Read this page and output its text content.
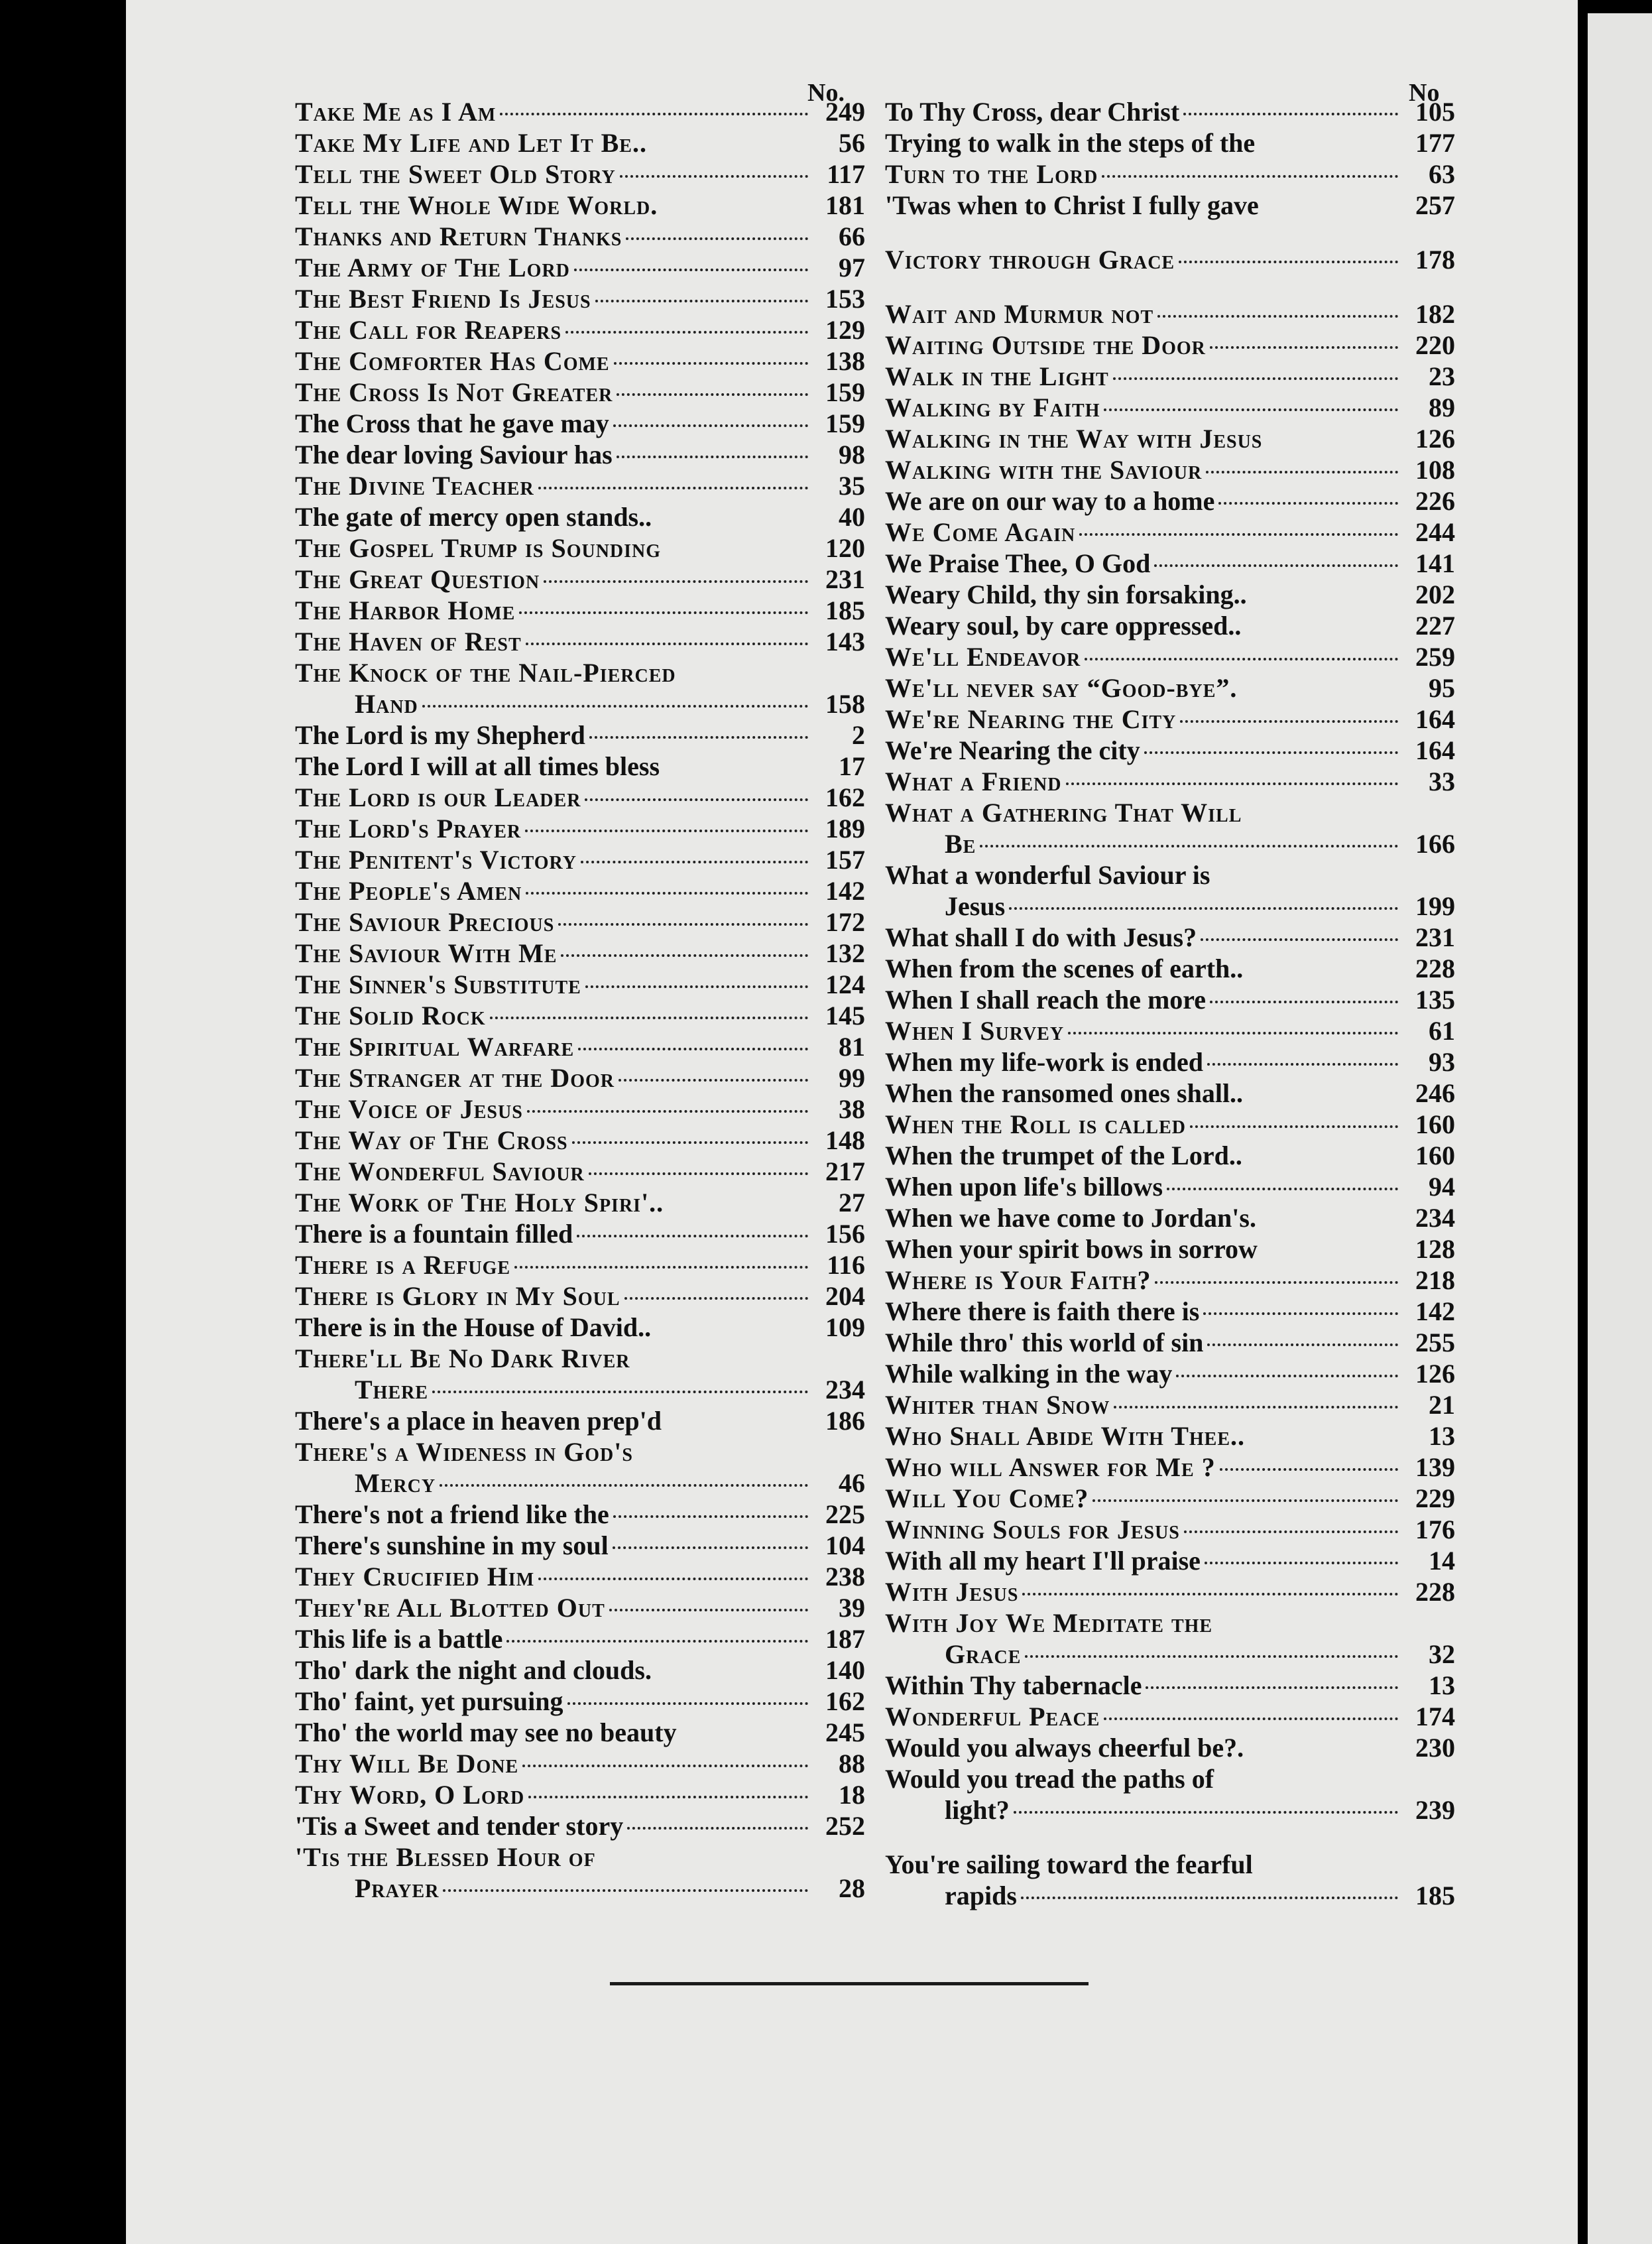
No.	No
Take Me as I Am	249
Take My Life and Let It Be..	56
Tell the Sweet Old Story	117
Tell the Whole Wide World.	181
Thanks and Return Thanks	66
The Army of The Lord	97
The Best Friend Is Jesus	153
The Call for Reapers	129
The Comforter Has Come	138
The Cross Is Not Greater	159
The Cross that he gave may	159
The dear loving Saviour has	98
The Divine Teacher	35
The gate of mercy open stands..	40
The Gospel Trump is Sounding	120
The Great Question	231
The Harbor Home	185
The Haven of Rest	143
The Knock of the Nail-Pierced
Hand	158
The Lord is my Shepherd	2
The Lord I will at all times bless	17
The Lord is our Leader	162
The Lord's Prayer	189
The Penitent's Victory	157
The People's Amen	142
The Saviour Precious	172
The Saviour With Me	132
The Sinner's Substitute	124
The Solid Rock	145
The Spiritual Warfare	81
The Stranger at the Door	99
The Voice of Jesus	38
The Way of The Cross	148
The Wonderful Saviour	217
The Work of The Holy Spiri'..	27
There is a fountain filled	156
There is a Refuge	116
There is Glory in My Soul	204
There is in the House of David..	109
There'll Be No Dark River
There	234
There's a place in heaven prep'd	186
There's a Wideness in God's
Mercy	46
There's not a friend like the	225
There's sunshine in my soul	104
They Crucified Him	238
They're All Blotted Out	39
This life is a battle	187
Tho' dark the night and clouds.	140
Tho' faint, yet pursuing	162
Tho' the world may see no beauty	245
Thy Will Be Done	88
Thy Word, O Lord	18
'Tis a Sweet and tender story	252
'Tis the Blessed Hour of
Prayer	28
To Thy Cross, dear Christ	105
Trying to walk in the steps of the	177
Turn to the Lord	63
'Twas when to Christ I fully gave	257
Victory through Grace	178
Wait and Murmur not	182
Waiting Outside the Door	220
Walk in the Light	23
Walking by Faith	89
Walking in the Way with Jesus	126
Walking with the Saviour	108
We are on our way to a home	226
We Come Again	244
We Praise Thee, O God	141
Weary Child, thy sin forsaking..	202
Weary soul, by care oppressed..	227
We'll Endeavor	259
We'll never say “Good-bye”.	95
We're Nearing the City	164
We're Nearing the city	164
What a Friend	33
What a Gathering That Will
Be	166
What a wonderful Saviour is
Jesus	199
What shall I do with Jesus?	231
When from the scenes of earth..	228
When I shall reach the more	135
When I Survey	61
When my life-work is ended	93
When the ransomed ones shall..	246
When the Roll is called	160
When the trumpet of the Lord..	160
When upon life's billows	94
When we have come to Jordan's.	234
When your spirit bows in sorrow	128
Where is Your Faith?	218
Where there is faith there is	142
While thro' this world of sin	255
While walking in the way	126
Whiter than Snow	21
Who Shall Abide With Thee..	13
Who will Answer for Me ?	139
Will You Come?	229
Winning Souls for Jesus	176
With all my heart I'll praise	14
With Jesus	228
With Joy We Meditate the
Grace	32
Within Thy tabernacle	13
Wonderful Peace	174
Would you always cheerful be?.	230
Would you tread the paths of
light?	239
You're sailing toward the fearful
rapids	185
